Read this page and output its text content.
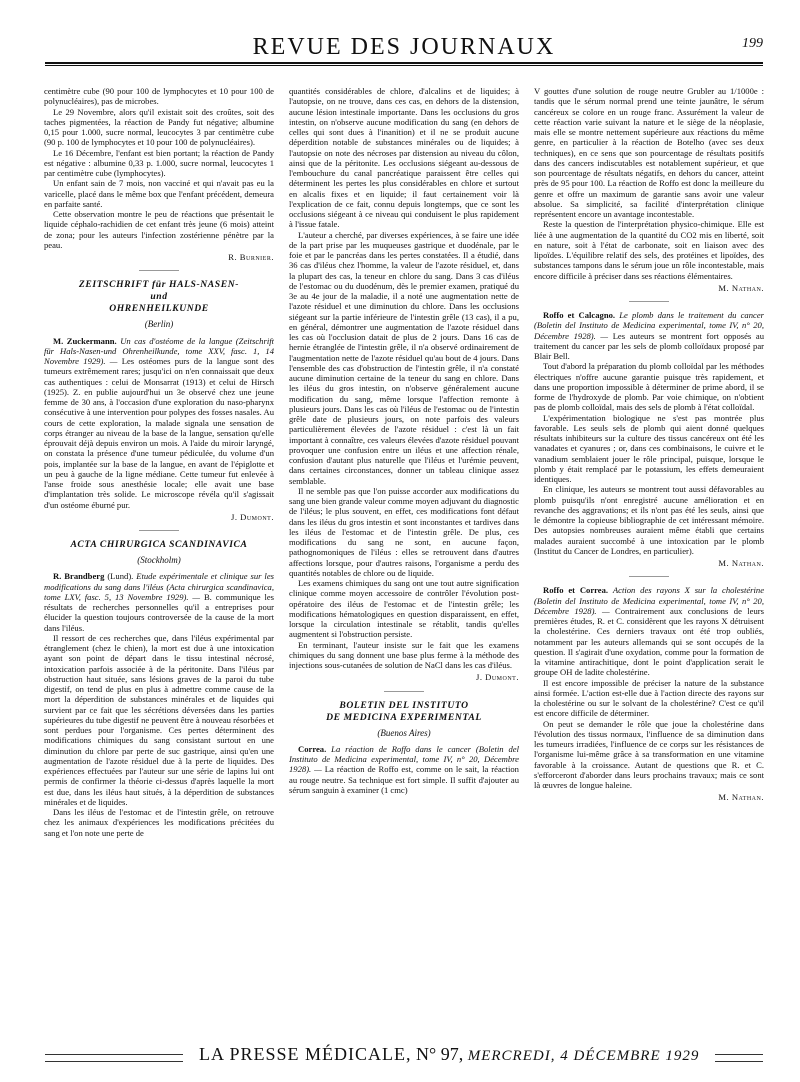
REVUE DES JOURNAUX	199

centimètre cube (90 pour 100 de lymphocytes et 10 pour 100 de polynucléaires), pas de microbes.

Le 29 Novembre, alors qu'il existait soit des croûtes, soit des taches pigmentées, la réaction de Pandy fut négative; albumine 0,15 pour 1.000, sucre normal, leucocytes 3 par centimètre cube (90 p. 100 de lymphocytes et 10 pour 100 de polynucléaires).

Le 16 Décembre, l'enfant est bien portant; la réaction de Pandy est négative : albumine 0,33 p. 1.000, sucre normal, leucocytes 1 par centimètre cube (lymphocytes).

Un enfant sain de 7 mois, non vacciné et qui n'avait pas eu la varicelle, placé dans le même box que l'enfant précédent, demeura en parfaite santé.

Cette observation montre le peu de réactions que présentait le liquide céphalo-rachidien de cet enfant très jeune (6 mois) atteint de zona; pour les auteurs l'infection zostérienne pénètre par la peau.

R. Burnier.

ZEITSCHRIFT für HALS-NASEN-
und
OHRENHEILKUNDE

(Berlin)

M. Zuckermann. Un cas d'ostéome de la langue (Zeitschrift für Hals-Nasen-und Ohrenheilkunde, tome XXV, fasc. 1, 14 Novembre 1929). — Les ostéomes purs de la langue sont des tumeurs extrêmement rares; jusqu'ici on n'en connaissait que deux cas authentiques : celui de Monsarrat (1913) et celui de Hirsch (1925). Z. en publie aujourd'hui un 3e observé chez une jeune femme de 30 ans, à l'occasion d'une exploration du naso-pharynx consécutive à une intervention pour polypes des fosses nasales. Au cours de cette exploration, la malade signala une sensation de corps étranger au niveau de la base de la langue, sensation qu'elle éprouvait déjà depuis environ un mois. A l'aide du miroir laryngé, on constata la présence d'une tumeur pédiculée, du volume d'un pois, implantée sur la base de la langue, en avant de l'épiglotte et un peu à gauche de la ligne médiane. Cette tumeur fut enlevée à l'anse froide sous anesthésie locale; elle avait une base d'implantation très solide. Le microscope révéla qu'il s'agissait d'un ostéome éburné pur.

J. Dumont.

ACTA CHIRURGICA SCANDINAVICA

(Stockholm)

R. Brandberg (Lund). Etude expérimentale et clinique sur les modifications du sang dans l'iléus (Acta chirurgica scandinavica, tome LXV, fasc. 5, 13 Novembre 1929). — B. communique les résultats de recherches personnelles qu'il a entreprises pour élucider la question toujours controversée de la cause de la mort dans l'iléus.

Il ressort de ces recherches que, dans l'iléus expérimental par étranglement (chez le chien), la mort est due à une intoxication ayant son point de départ dans le tissu intestinal nécrosé, intoxication parfois associée à de la péritonite. Dans l'iléus par obstruction haut située, sans lésions graves de la paroi du tube digestif, on tend de plus en plus à admettre comme cause de la mort la déperdition de substances minérales et de liquides qui survient par ce fait que les sécrétions déversées dans les parties supérieures du tube digestif ne peuvent être à nouveau résorbées et sont perdues pour l'organisme. Ces pertes déterminent des modifications chimiques du sang consistant surtout en une diminution du chlore par perte de suc gastrique, ainsi qu'en une augmentation de l'azote résiduel due à la perte de liquides. Des expériences effectuées par l'auteur sur une série de lapins lui ont permis de confirmer la théorie ci-dessus d'après laquelle la mort est due, dans les iléus haut situés, à la déperdition de substances minérales et de liquides.

Dans les iléus de l'estomac et de l'intestin grêle, on retrouve chez les animaux d'expériences les modifications précitées du sang et l'on note une perte de

quantités considérables de chlore, d'alcalins et de liquides; à l'autopsie, on ne trouve, dans ces cas, en dehors de la distension, aucune lésion intestinale importante. Dans les occlusions du gros intestin, on n'observe aucune modification du sang (en dehors de celles qui sont dues à l'inanition) et il ne se produit aucune déperdition notable de substances minérales ou de liquides; à l'autopsie on note des nécroses par distension au niveau du côlon, ainsi que de la péritonite. Les occlusions siégeant au-dessous de l'embouchure du canal pancréatique paraissent être celles qui déterminent les pertes les plus considérables en chlore et surtout en alcalis fixes et en liquide; il faut certainement voir là l'explication de ce fait, connu depuis longtemps, que ce sont les occlusions siégeant à ce niveau qui conduisent le plus rapidement à l'issue fatale.

L'auteur a cherché, par diverses expériences, à se faire une idée de la part prise par les muqueuses gastrique et duodénale, par le foie et par le pancréas dans les pertes constatées. Il a étudié, dans 36 cas d'iléus chez l'homme, la valeur de l'azote résiduel, et, dans la plupart des cas, la teneur en chlore du sang. Dans 3 cas d'iléus de l'estomac ou du duodénum, dès le premier examen, pratiqué du 3e au 4e jour de la maladie, il a noté une augmentation nette de l'azote résiduel et une diminution du chlore. Dans les occlusions siégeant sur la partie inférieure de l'intestin grêle (13 cas), il a pu, en général, démontrer une augmentation de l'azote résiduel dans les cas où l'occlusion datait de plus de 2 jours. Dans 16 cas de hernie étranglée de l'intestin grêle, il n'a observé ordinairement de l'augmentation nette de l'azote résiduel qu'au bout de 4 jours. Dans l'ensemble des cas d'obstruction de l'intestin grêle, il n'a constaté aucune diminution certaine de la teneur du sang en chlore. Dans les iléus du gros intestin, on n'observe généralement aucune modification du sang, même lorsque l'affection remonte à plusieurs jours. Dans les cas où l'iléus de l'estomac ou de l'intestin grêle date de plusieurs jours, on note parfois des valeurs particulièrement élevées de l'azote résiduel : c'est là un fait important à connaître, ces valeurs élevées d'azote résiduel pouvant provoquer une confusion entre un iléus et une affection rénale, confusion d'autant plus naturelle que l'iléus et l'urémie peuvent, dans certaines circonstances, donner un tableau clinique assez semblable.

Il ne semble pas que l'on puisse accorder aux modifications du sang une bien grande valeur comme moyen adjuvant du diagnostic de l'iléus; le plus souvent, en effet, ces modifications font défaut dans les iléus du gros intestin et sont inconstantes et tardives dans les iléus de l'estomac et de l'intestin grêle. De plus, ces modifications du sang ne sont, en aucune façon, pathognomoniques de l'iléus : elles se retrouvent dans d'autres affections lorsque, pour d'autres raisons, l'organisme a perdu des quantités notables de chlore ou de liquide.

Les examens chimiques du sang ont une tout autre signification clinique comme moyen accessoire de contrôler l'évolution post-opératoire des iléus de l'estomac et de l'intestin grêle; les modifications hématologiques en question disparaissent, en effet, lorsque la circulation intestinale se rétablit, tandis qu'elles augmentent si l'obstruction persiste.

En terminant, l'auteur insiste sur le fait que les examens chimiques du sang donnent une base plus ferme à la méthode des injections sous-cutanées de solution de NaCl dans les cas d'iléus.

J. Dumont.

BOLETIN DEL INSTITUTO
DE MEDICINA EXPERIMENTAL

(Buenos Aires)

Correa. La réaction de Roffo dans le cancer (Boletin del Instituto de Medicina experimental, tome IV, n° 20, Décembre 1928). — La réaction de Roffo est, comme on le sait, la réaction au rouge neutre. Sa technique est fort simple. Il suffit d'ajouter au sérum sanguin à examiner (1 cmc)

V gouttes d'une solution de rouge neutre Grubler au 1/1000e : tandis que le sérum normal prend une teinte jaunâtre, le sérum cancéreux se colore en un rouge franc. Assurément la valeur de cette réaction varie suivant la nature et le siège de la néoplasie, mais elle se montre nettement supérieure aux réactions du même genre, en particulier à la réaction de Botelho (avec ses deux techniques), en ce sens que son pourcentage de résultats positifs dans des cancers indiscutables est notablement supérieur, et que son pourcentage de résultats négatifs, en dehors du cancer, atteint près de 95 pour 100. La réaction de Roffo est donc la meilleure du genre et offre un maximum de garantie sans avoir une valeur absolue. Sa simplicité, sa facilité d'interprétation clinique représentent encore un avantage incontestable.

Reste la question de l'interprétation physico-chimique. Elle est liée à une augmentation de la quantité du CO2 mis en liberté, soit en nature, soit à l'état de carbonate, soit en liaison avec des lipoïdes. L'équilibre relatif des sels, des protéines et lipoïdes, des substances tampons dans le sérum joue un rôle incontestable, mais encore difficile à préciser dans ses réactions élémentaires.

M. Nathan.

Roffo et Calcagno. Le plomb dans le traitement du cancer (Boletin del Instituto de Medicina experimental, tome IV, n° 20, Décembre 1928). — Les auteurs se montrent fort opposés au traitement du cancer par les sels de plomb colloïdaux proposé par Blair Bell.

Tout d'abord la préparation du plomb colloïdal par les méthodes électriques n'offre aucune garantie puisque très rapidement, et dans une proportion impossible à déterminer de prime abord, il se forme de l'hydroxyde de plomb. Par voie chimique, on n'obtient pas de plomb colloïdal, mais des sels de plomb à l'état colloïdal.

L'expérimentation biologique ne s'est pas montrée plus favorable. Les seuls sels de plomb qui aient donné quelques résultats inhibiteurs sur la culture des tissus cancéreux ont été les vanadates et cyanures ; or, dans ces combinaisons, le cuivre et le vanadium semblaient jouer le rôle principal, puisque, lorsque le plomb y était remplacé par le potassium, les effets demeuraient identiques.

En clinique, les auteurs se montrent tout aussi défavorables au plomb puisqu'ils n'ont enregistré aucune amélioration et en revanche des aggravations; et ils n'ont pas été les seuls, ainsi que le démontre la copieuse bibliographie de cet intéressant mémoire. Des autopsies nombreuses auraient même établi que certains malades auraient succombé à une intoxication par le plomb (Institut du Cancer de Londres, en particulier).

M. Nathan.

Roffo et Correa. Action des rayons X sur la cholestérine (Boletin del Instituto de Medicina experimental, tome IV, n° 20, Décembre 1928). — Contrairement aux conclusions de leurs premières études, R. et C. considèrent que les rayons X détruisent la cholestérine. Ces derniers travaux ont été trop oubliés, notamment par les auteurs allemands qui se sont occupés de la question. Il s'agirait d'une oxydation, comme pour la formation de la vitamine antirachitique, dont le point d'application serait le groupe OH de ladite cholestérine.

Il est encore impossible de préciser la nature de la substance ainsi formée. L'action est-elle due à l'action directe des rayons sur la cholestérine ou sur le solvant de la cholestérine? C'est ce qu'il est encore difficile de déterminer.

On peut se demander le rôle que joue la cholestérine dans l'évolution des tissus normaux, l'influence de sa diminution dans les tumeurs irradiées, l'influence de ce corps sur les résistances de l'organisme lui-même grâce à sa transformation en une vitamine favorable à la croissance. Autant de questions que R. et C. s'efforceront d'aborder dans leurs prochains travaux; mais ce sont là œuvres de longue haleine.

M. Nathan.

LA PRESSE MÉDICALE, N° 97, MERCREDI, 4 DÉCEMBRE 1929
